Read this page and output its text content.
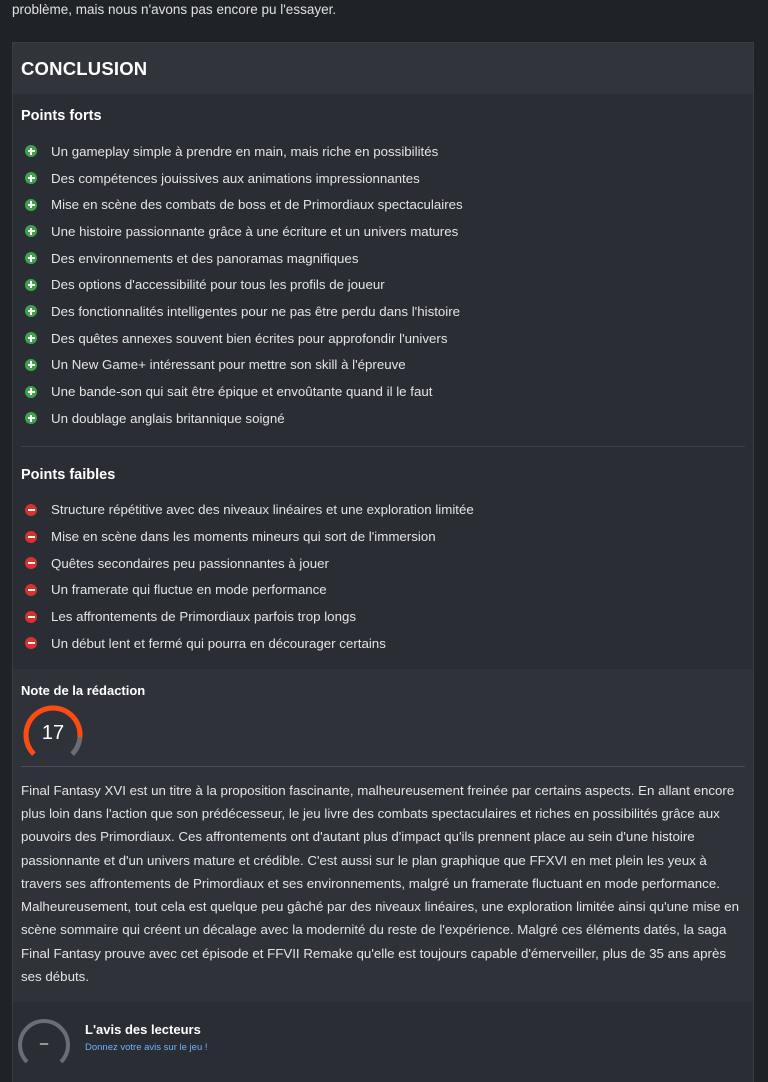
problème, mais nous n'avons pas encore pu l'essayer.
CONCLUSION
Points forts
Un gameplay simple à prendre en main, mais riche en possibilités
Des compétences jouissives aux animations impressionnantes
Mise en scène des combats de boss et de Primordiaux spectaculaires
Une histoire passionnante grâce à une écriture et un univers matures
Des environnements et des panoramas magnifiques
Des options d'accessibilité pour tous les profils de joueur
Des fonctionnalités intelligentes pour ne pas être perdu dans l'histoire
Des quêtes annexes souvent bien écrites pour approfondir l'univers
Un New Game+ intéressant pour mettre son skill à l'épreuve
Une bande-son qui sait être épique et envoûtante quand il le faut
Un doublage anglais britannique soigné
Points faibles
Structure répétitive avec des niveaux linéaires et une exploration limitée
Mise en scène dans les moments mineurs qui sort de l'immersion
Quêtes secondaires peu passionnantes à jouer
Un framerate qui fluctue en mode performance
Les affrontements de Primordiaux parfois trop longs
Un début lent et fermé qui pourra en décourager certains
Note de la rédaction
17

Final Fantasy XVI est un titre à la proposition fascinante, malheureusement freinée par certains aspects. En allant encore plus loin dans l'action que son prédécesseur, le jeu livre des combats spectaculaires et riches en possibilités grâce aux pouvoirs des Primordiaux. Ces affrontements ont d'autant plus d'impact qu'ils prennent place au sein d'une histoire passionnante et d'un univers mature et crédible. C'est aussi sur le plan graphique que FFXVI en met plein les yeux à travers ses affrontements de Primordiaux et ses environnements, malgré un framerate fluctuant en mode performance. Malheureusement, tout cela est quelque peu gâché par des niveaux linéaires, une exploration limitée ainsi qu'une mise en scène sommaire qui créent un décalage avec la modernité du reste de l'expérience. Malgré ces éléments datés, la saga Final Fantasy prouve avec cet épisode et FFVII Remake qu'elle est toujours capable d'émerveiller, plus de 35 ans après ses débuts.

–
L'avis des lecteurs
Donnez votre avis sur le jeu !
